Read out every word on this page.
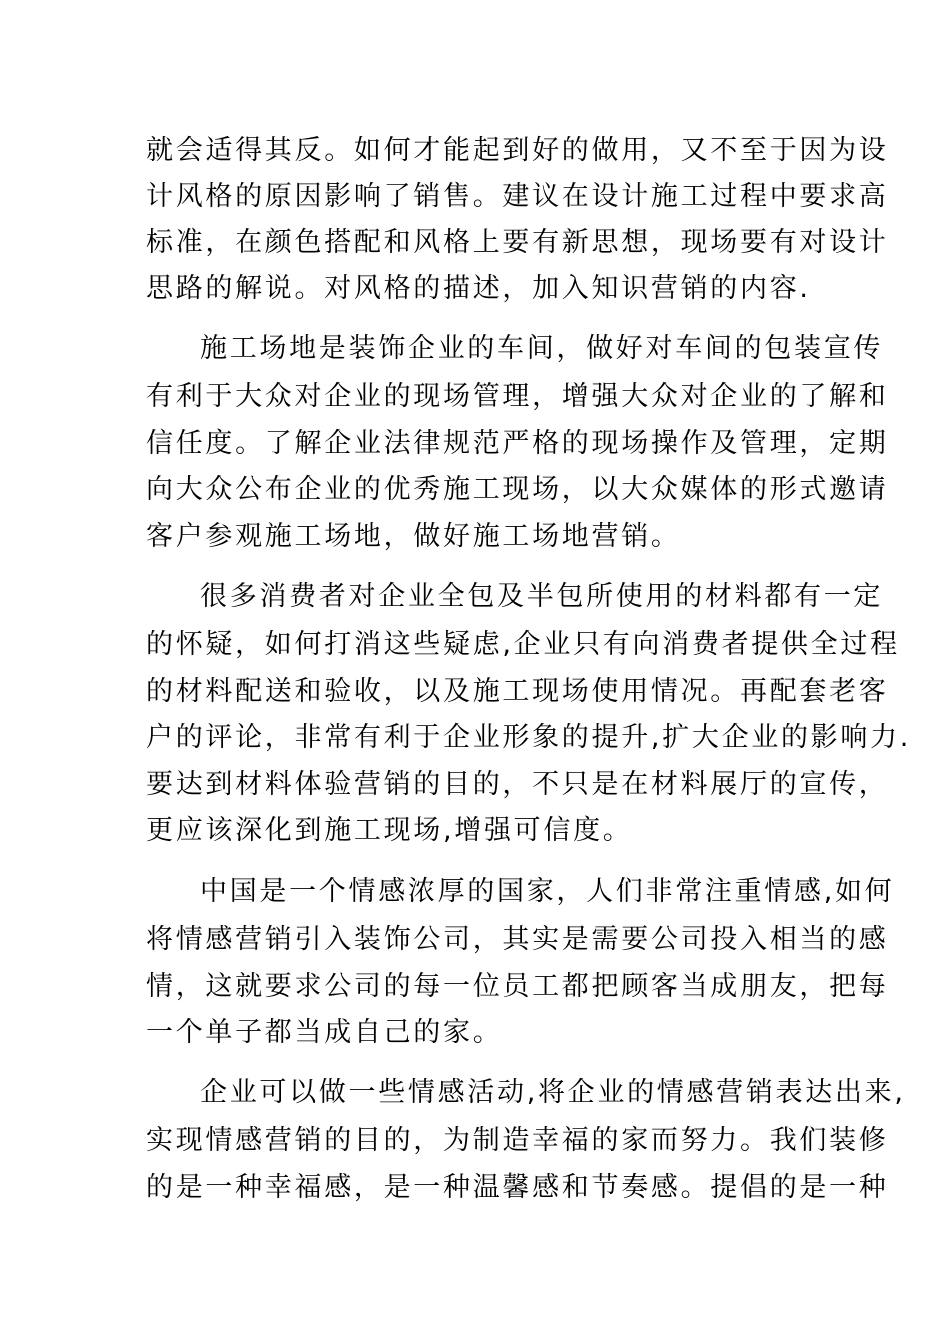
就会适得其反。如何才能起到好的做用，又不至于因为设
计风格的原因影响了销售。建议在设计施工过程中要求高
标准，在颜色搭配和风格上要有新思想，现场要有对设计
思路的解说。对风格的描述，加入知识营销的内容.
施工场地是装饰企业的车间，做好对车间的包装宣传
有利于大众对企业的现场管理，增强大众对企业的了解和
信任度。了解企业法律规范严格的现场操作及管理，定期
向大众公布企业的优秀施工现场，以大众媒体的形式邀请
客户参观施工场地，做好施工场地营销。
很多消费者对企业全包及半包所使用的材料都有一定
的怀疑，如何打消这些疑虑,企业只有向消费者提供全过程
的材料配送和验收，以及施工现场使用情况。再配套老客
户的评论，非常有利于企业形象的提升,扩大企业的影响力.
要达到材料体验营销的目的，不只是在材料展厅的宣传，
更应该深化到施工现场,增强可信度。
中国是一个情感浓厚的国家，人们非常注重情感,如何
将情感营销引入装饰公司，其实是需要公司投入相当的感
情，这就要求公司的每一位员工都把顾客当成朋友，把每
一个单子都当成自己的家。
企业可以做一些情感活动,将企业的情感营销表达出来,
实现情感营销的目的，为制造幸福的家而努力。我们装修
的是一种幸福感，是一种温馨感和节奏感。提倡的是一种
